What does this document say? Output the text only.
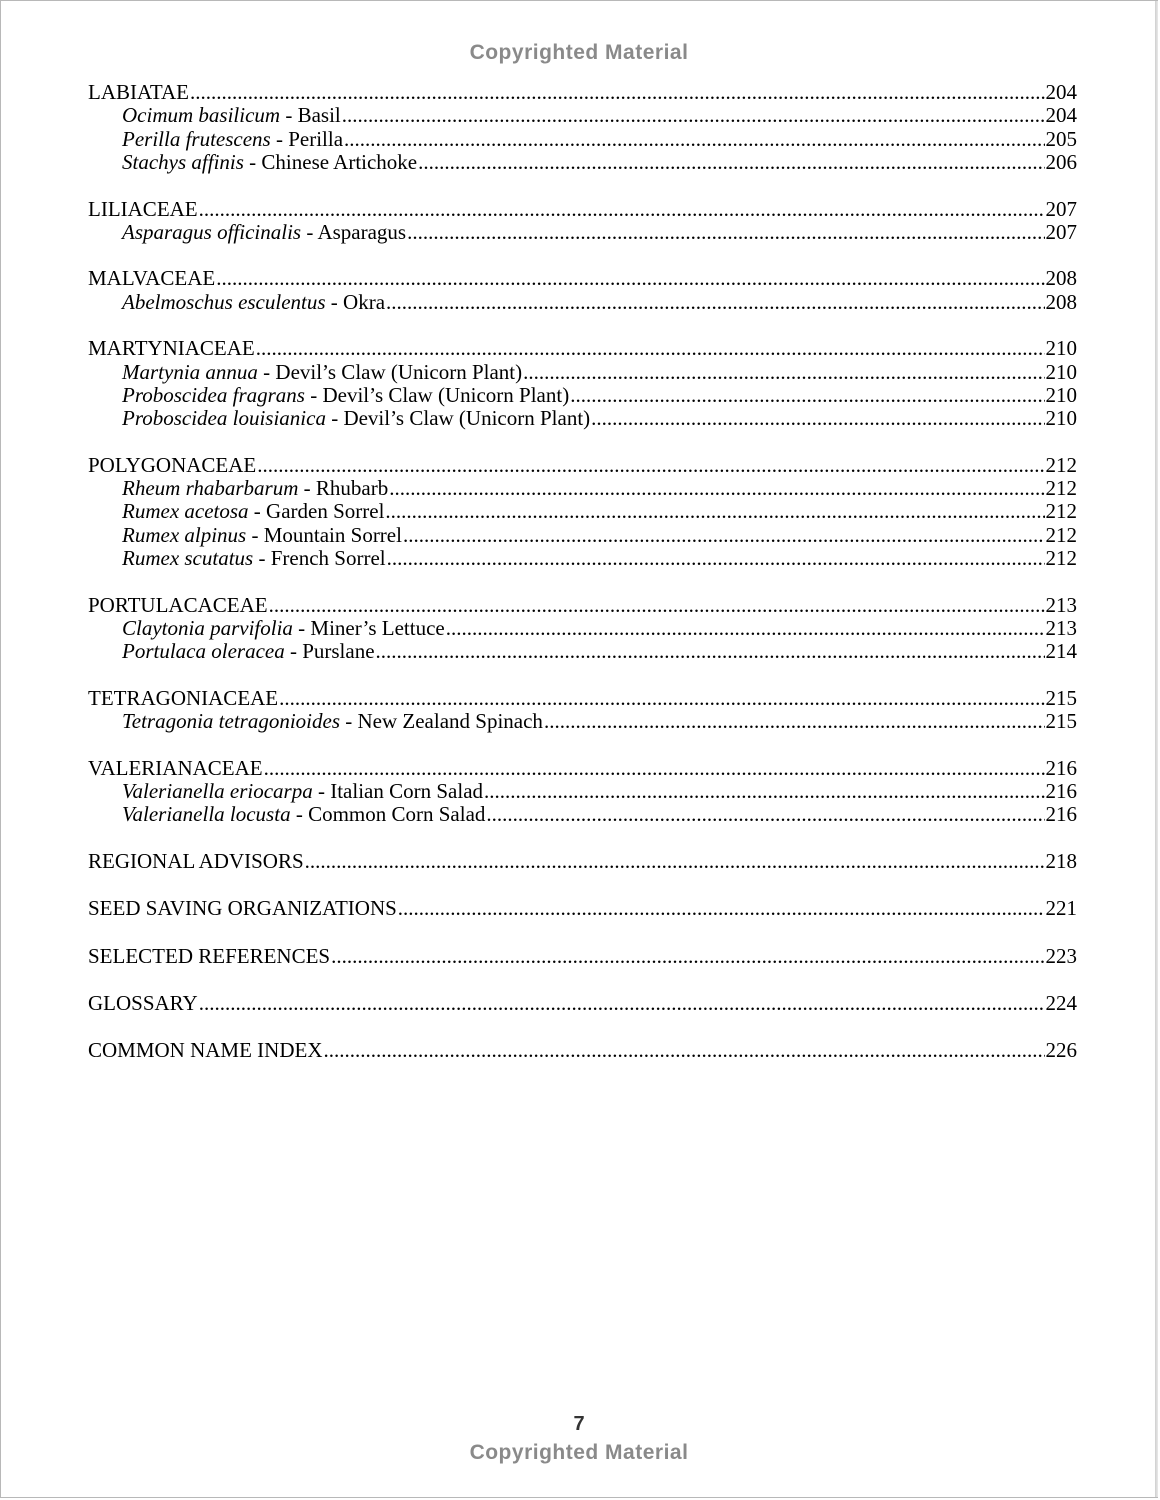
Copyrighted Material
LABIATAE .....	204
Ocimum basilicum - Basil .....	204
Perilla frutescens - Perilla .....	205
Stachys affinis - Chinese Artichoke .....	206
LILIACEAE .....	207
Asparagus officinalis - Asparagus .....	207
MALVACEAE .....	208
Abelmoschus esculentus - Okra .....	208
MARTYNIACEAE .....	210
Martynia annua - Devil’s Claw (Unicorn Plant) .....	210
Proboscidea fragrans - Devil’s Claw (Unicorn Plant) .....	210
Proboscidea louisianica - Devil’s Claw (Unicorn Plant) .....	210
POLYGONACEAE .....	212
Rheum rhabarbarum - Rhubarb .....	212
Rumex acetosa - Garden Sorrel .....	212
Rumex alpinus - Mountain Sorrel .....	212
Rumex scutatus - French Sorrel .....	212
PORTULACACEAE .....	213
Claytonia parvifolia - Miner’s Lettuce .....	213
Portulaca oleracea - Purslane .....	214
TETRAGONIACEAE .....	215
Tetragonia tetragonioides - New Zealand Spinach .....	215
VALERIANACEAE .....	216
Valerianella eriocarpa - Italian Corn Salad .....	216
Valerianella locusta - Common Corn Salad .....	216
REGIONAL ADVISORS .....	218
SEED SAVING ORGANIZATIONS .....	221
SELECTED REFERENCES .....	223
GLOSSARY .....	224
COMMON NAME INDEX .....	226
7
Copyrighted Material
